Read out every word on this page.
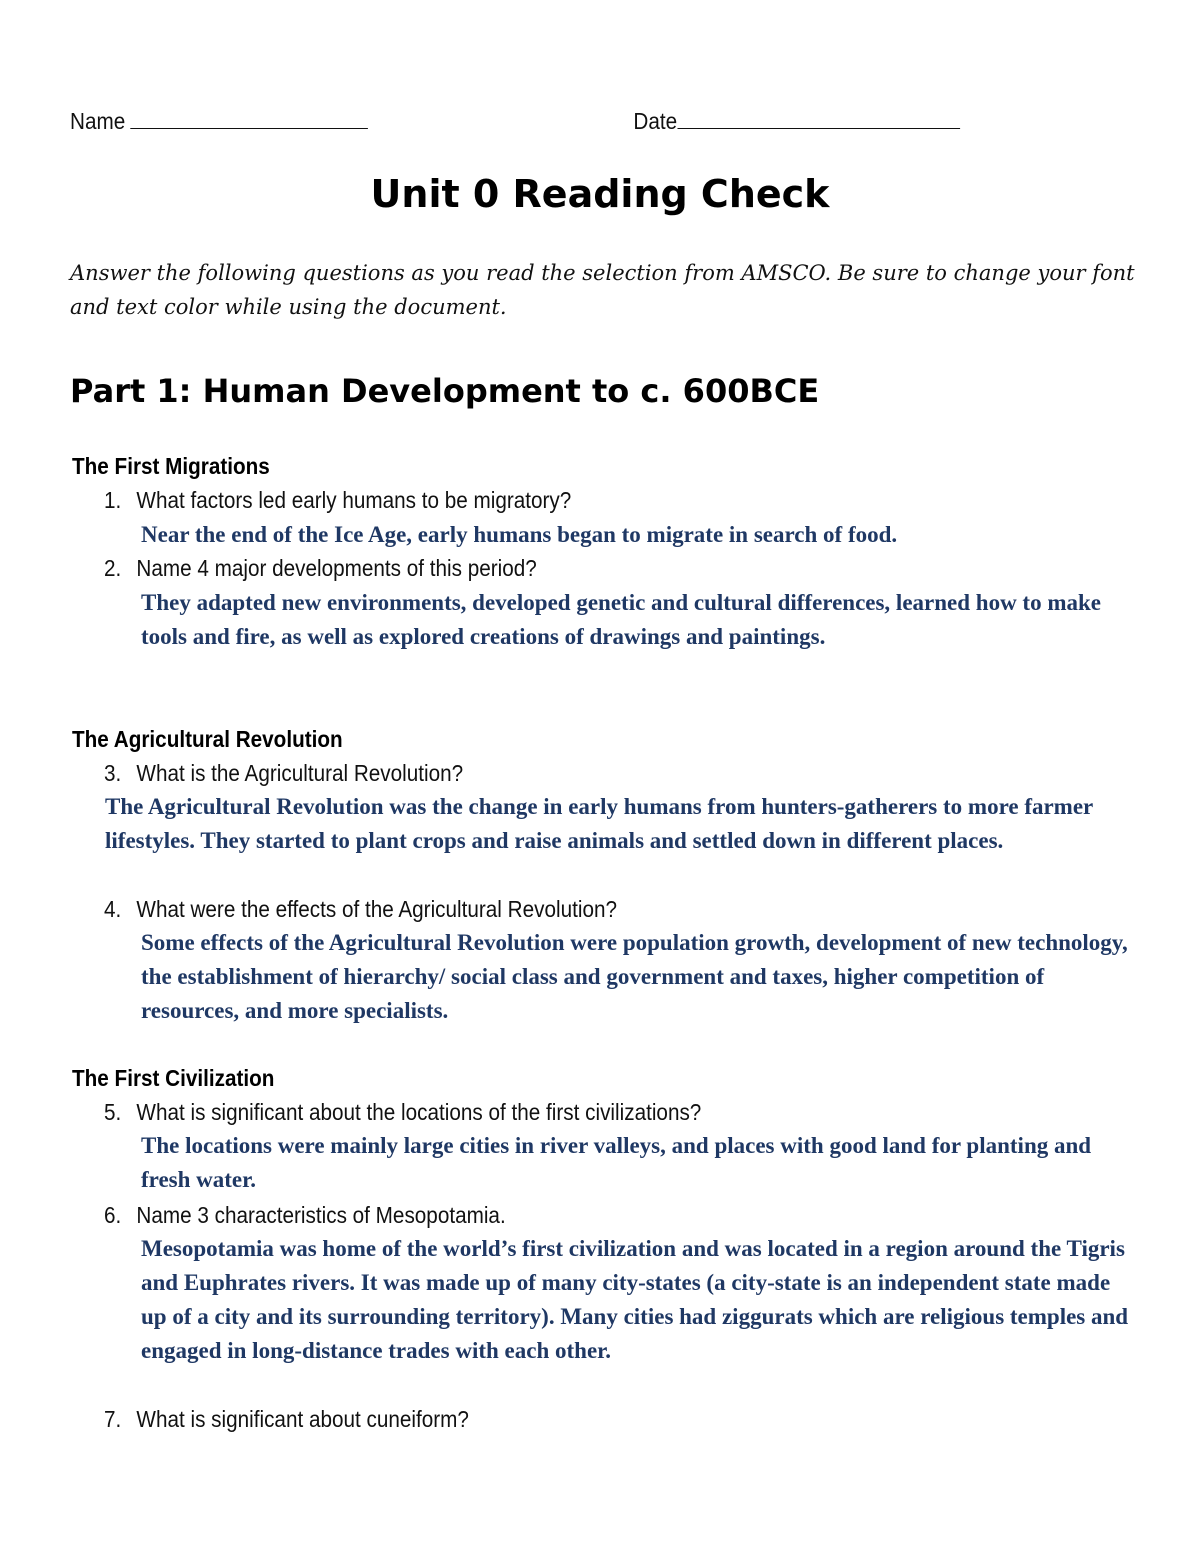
Name	Date
Unit 0 Reading Check
Answer the following questions as you read the selection from AMSCO. Be sure to change your font and text color while using the document.
Part 1: Human Development to c. 600BCE
The First Migrations
1. What factors led early humans to be migratory?
Near the end of the Ice Age, early humans began to migrate in search of food.
2. Name 4 major developments of this period?
They adapted new environments, developed genetic and cultural differences, learned how to make tools and fire, as well as explored creations of drawings and paintings.
The Agricultural Revolution
3. What is the Agricultural Revolution?
The Agricultural Revolution was the change in early humans from hunters-gatherers to more farmer lifestyles. They started to plant crops and raise animals and settled down in different places.
4. What were the effects of the Agricultural Revolution?
Some effects of the Agricultural Revolution were population growth, development of new technology, the establishment of hierarchy/ social class and government and taxes, higher competition of resources, and more specialists.
The First Civilization
5. What is significant about the locations of the first civilizations?
The locations were mainly large cities in river valleys, and places with good land for planting and fresh water.
6. Name 3 characteristics of Mesopotamia.
Mesopotamia was home of the world’s first civilization and was located in a region around the Tigris and Euphrates rivers. It was made up of many city-states (a city-state is an independent state made up of a city and its surrounding territory). Many cities had ziggurats which are religious temples and engaged in long-distance trades with each other.
7. What is significant about cuneiform?
